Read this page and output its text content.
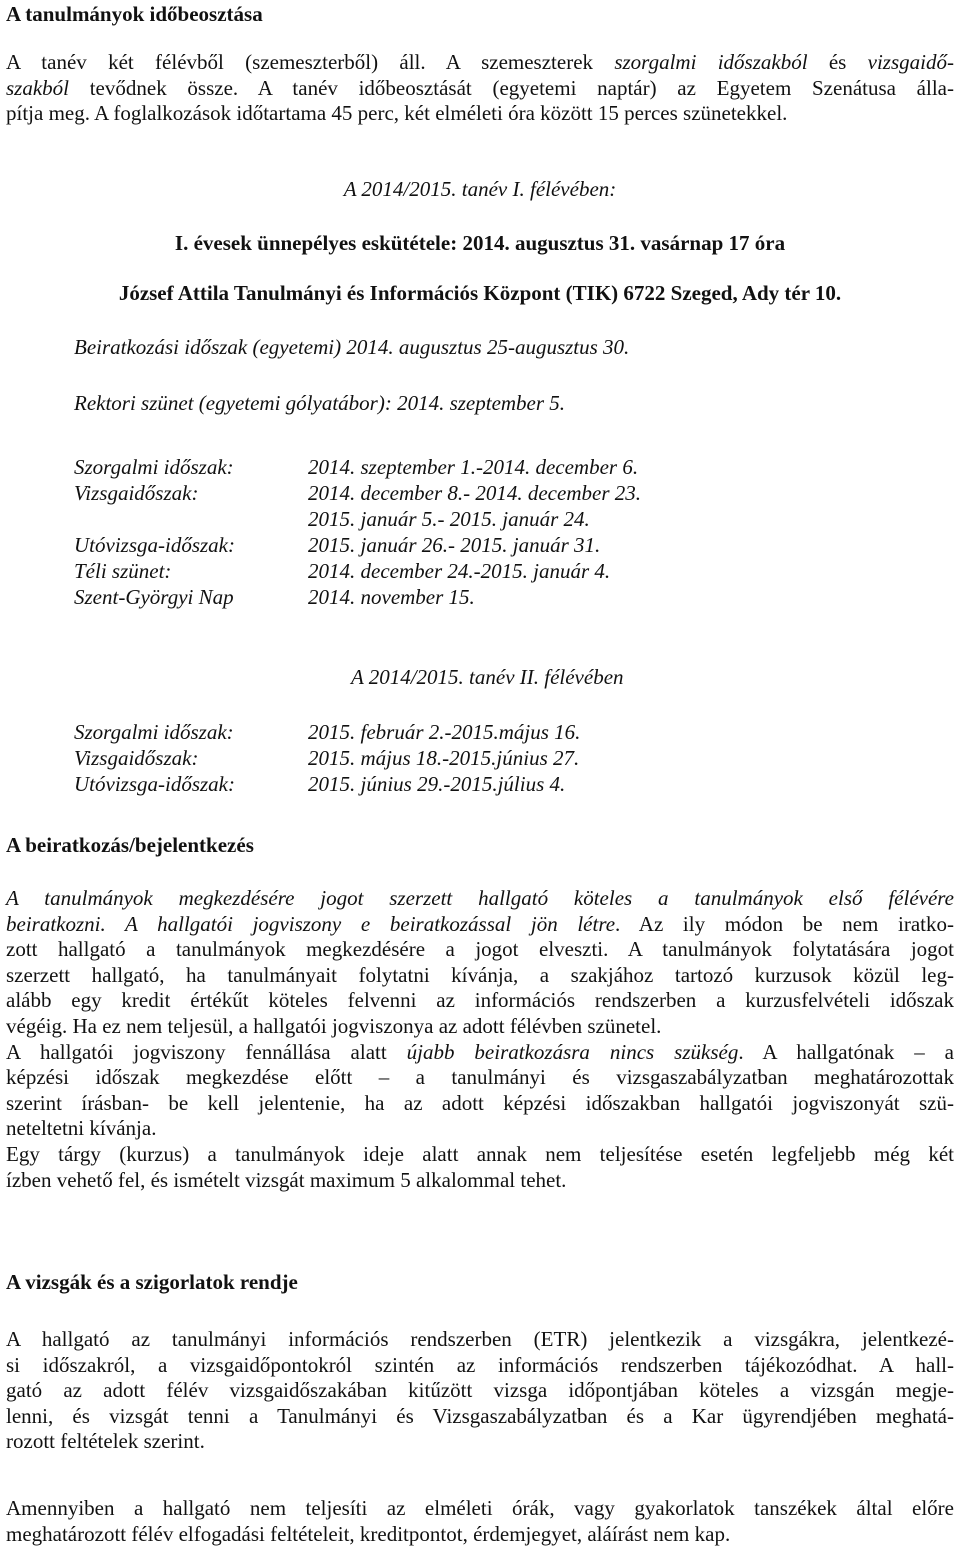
A tanulmányok időbeosztása
A tanév két félévből (szemeszterből) áll. A szemeszterek szorgalmi időszakból és vizsgaidő-
szakból tevődnek össze. A tanév időbeosztását (egyetemi naptár) az Egyetem Szenátusa álla-
pítja meg. A foglalkozások időtartama 45 perc, két elméleti óra között 15 perces szünetekkel.
A 2014/2015. tanév I. félévében:
I. évesek ünnepélyes eskütétele: 2014. augusztus 31. vasárnap 17 óra
József Attila Tanulmányi és Információs Központ (TIK) 6722 Szeged, Ady tér 10.
Beiratkozási időszak (egyetemi) 2014. augusztus 25-augusztus 30.
Rektori szünet (egyetemi gólyatábor): 2014. szeptember 5.
Szorgalmi időszak:	2014. szeptember 1.-2014. december 6.
Vizsgaidőszak:	2014. december 8.- 2014. december 23.
2015. január 5.- 2015. január 24.
Utóvizsga-időszak:	2015. január 26.- 2015. január 31.
Téli szünet:	2014. december 24.-2015. január 4.
Szent-Györgyi Nap	2014. november 15.
A 2014/2015. tanév II. félévében
Szorgalmi időszak:	2015. február 2.-2015.május 16.
Vizsgaidőszak:	2015. május 18.-2015.június 27.
Utóvizsga-időszak:	2015. június 29.-2015.július 4.
A beiratkozás/bejelentkezés
A tanulmányok megkezdésére jogot szerzett hallgató köteles a tanulmányok első félévére
beiratkozni. A hallgatói jogviszony e beiratkozással jön létre. Az ily módon be nem iratko-
zott hallgató a tanulmányok megkezdésére a jogot elveszti. A tanulmányok folytatására jogot
szerzett hallgató, ha tanulmányait folytatni kívánja, a szakjához tartozó kurzusok közül leg-
alább egy kredit értékűt köteles felvenni az információs rendszerben a kurzusfelvételi időszak
végéig. Ha ez nem teljesül, a hallgatói jogviszonya az adott félévben szünetel.
A hallgatói jogviszony fennállása alatt újabb beiratkozásra nincs szükség. A hallgatónak – a
képzési időszak megkezdése előtt – a tanulmányi és vizsgaszabályzatban meghatározottak
szerint írásban- be kell jelentenie, ha az adott képzési időszakban hallgatói jogviszonyát szü-
neteltetni kívánja.
Egy tárgy (kurzus) a tanulmányok ideje alatt annak nem teljesítése esetén legfeljebb még két
ízben vehető fel, és ismételt vizsgát maximum 5 alkalommal tehet.
A vizsgák és a szigorlatok rendje
A hallgató az tanulmányi információs rendszerben (ETR) jelentkezik a vizsgákra, jelentkezé-
si időszakról, a vizsgaidőpontokról szintén az információs rendszerben tájékozódhat. A hall-
gató az adott félév vizsgaidőszakában kitűzött vizsga időpontjában köteles a vizsgán megje-
lenni, és vizsgát tenni a Tanulmányi és Vizsgaszabályzatban és a Kar ügyrendjében meghatá-
rozott feltételek szerint.
Amennyiben a hallgató nem teljesíti az elméleti órák, vagy gyakorlatok tanszékek által előre
meghatározott félév elfogadási feltételeit, kreditpontot, érdemjegyet, aláírást nem kap.
